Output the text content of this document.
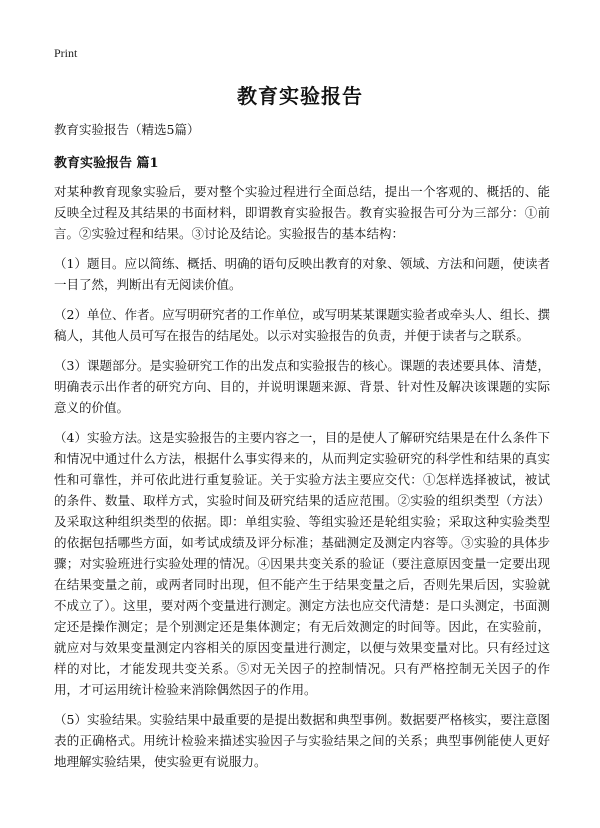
Print
教育实验报告
教育实验报告（精选5篇）
教育实验报告 篇1

对某种教育现象实验后，要对整个实验过程进行全面总结，提出一个客观的、概括的、能反映全过程及其结果的书面材料，即谓教育实验报告。教育实验报告可分为三部分：①前言。②实验过程和结果。③讨论及结论。实验报告的基本结构：

（1）题目。应以简练、概括、明确的语句反映出教育的对象、领域、方法和问题，使读者一目了然，判断出有无阅读价值。

（2）单位、作者。应写明研究者的工作单位，或写明某某课题实验者或牵头人、组长、撰稿人，其他人员可写在报告的结尾处。以示对实验报告的负责，并便于读者与之联系。

（3）课题部分。是实验研究工作的出发点和实验报告的核心。课题的表述要具体、清楚，明确表示出作者的研究方向、目的，并说明课题来源、背景、针对性及解决该课题的实际意义的价值。

（4）实验方法。这是实验报告的主要内容之一，目的是使人了解研究结果是在什么条件下和情况中通过什么方法，根据什么事实得来的，从而判定实验研究的科学性和结果的真实性和可靠性，并可依此进行重复验证。关于实验方法主要应交代：①怎样选择被试，被试的条件、数量、取样方式，实验时间及研究结果的适应范围。②实验的组织类型（方法）及采取这种组织类型的依据。即：单组实验、等组实验还是轮组实验；采取这种实验类型的依据包括哪些方面，如考试成绩及评分标准；基础测定及测定内容等。③实验的具体步骤；对实验班进行实验处理的情况。④因果共变关系的验证（要注意原因变量一定要出现在结果变量之前，或两者同时出现，但不能产生于结果变量之后，否则先果后因，实验就不成立了）。这里，要对两个变量进行测定。测定方法也应交代清楚：是口头测定，书面测定还是操作测定；是个别测定还是集体测定；有无后效测定的时间等。因此，在实验前，就应对与效果变量测定内容相关的原因变量进行测定，以便与效果变量对比。只有经过这样的对比，才能发现共变关系。⑤对无关因子的控制情况。只有严格控制无关因子的作用，才可运用统计检验来消除偶然因子的作用。

（5）实验结果。实验结果中最重要的是提出数据和典型事例。数据要严格核实，要注意图表的正确格式。用统计检验来描述实验因子与实验结果之间的关系；典型事例能使人更好地理解实验结果，使实验更有说服力。
